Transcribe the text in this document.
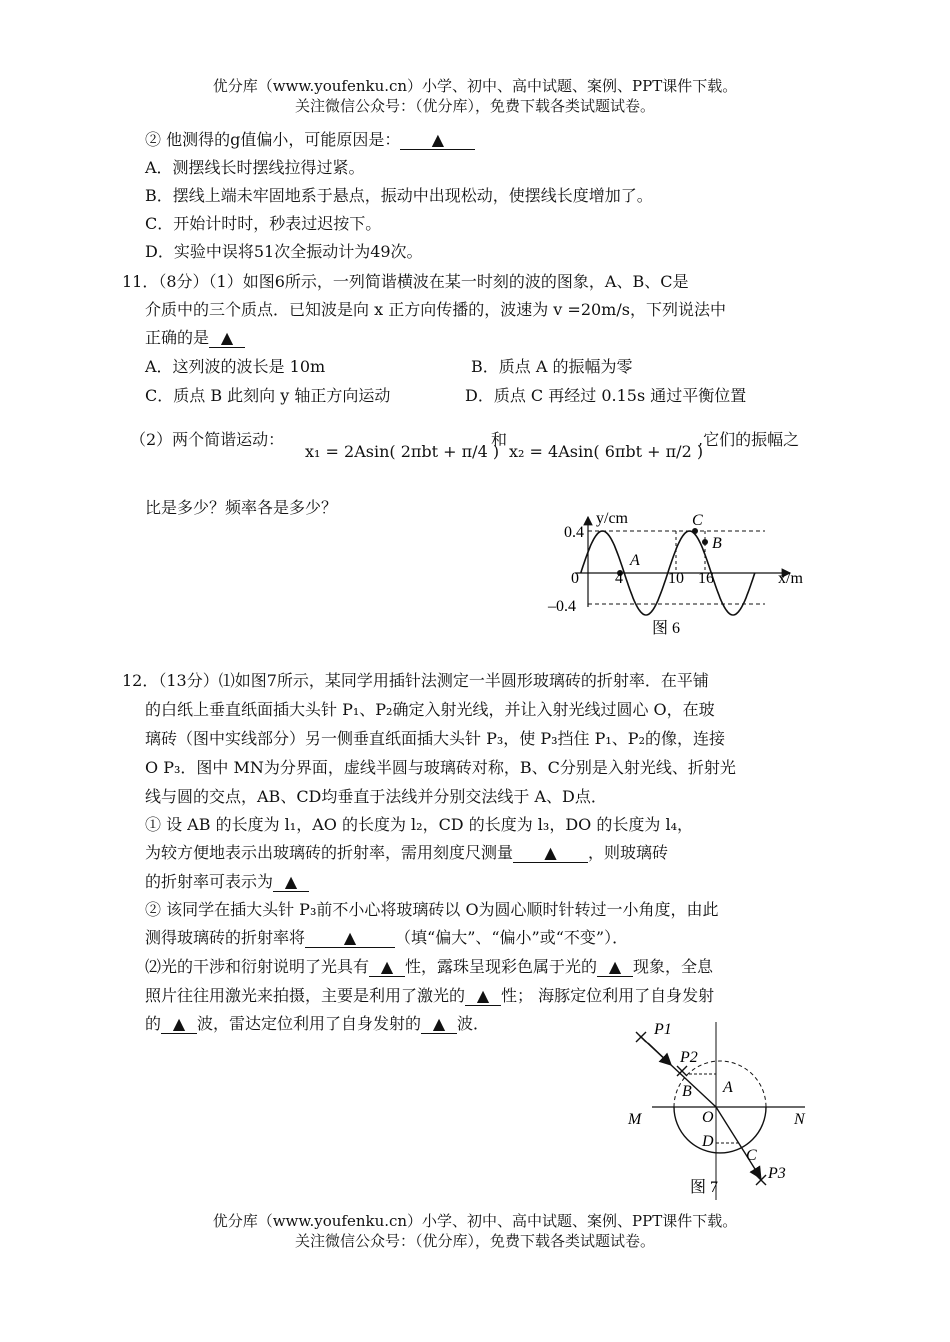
优分库（www.youfenku.cn）小学、初中、高中试题、案例、PPT课件下载。
关注微信公众号：（优分库），免费下载各类试题试卷。
② 他测得的g值偏小，可能原因是： ▲
A．测摆线长时摆线拉得过紧。
B．摆线上端未牢固地系于悬点，振动中出现松动，使摆线长度增加了。
C．开始计时时，秒表过迟按下。
D．实验中误将51次全振动计为49次。
11．（8分）（1）如图6所示，一列简谐横波在某一时刻的波的图象，A、B、C是
介质中的三个质点．已知波是向 x 正方向传播的，波速为 v =20m/s，下列说法中
正确的是 ▲
A．这列波的波长是 10m	B．质点 A 的振幅为零
C．质点 B 此刻向 y 轴正方向运动	D．质点 C 再经过 0.15s 通过平衡位置
（2）两个简谐运动：
x₁ = 2Asin( 2πbt + π/4 )
和
x₂ = 4Asin( 6πbt + π/2 )
,它们的振幅之
比是多少？频率各是多少？
y/cm
x/m
0.4
–0.4
0 4	10 16
A
B
C
图 6
12．（13分）⑴如图7所示，某同学用插针法测定一半圆形玻璃砖的折射率．在平铺
的白纸上垂直纸面插大头针 P₁、P₂确定入射光线，并让入射光线过圆心 O，在玻
璃砖（图中实线部分）另一侧垂直纸面插大头针 P₃，使 P₃挡住 P₁、P₂的像，连接
O P₃．图中 MN为分界面，虚线半圆与玻璃砖对称，B、C分别是入射光线、折射光
线与圆的交点，AB、CD均垂直于法线并分别交法线于 A、D点．
① 设 AB 的长度为 l₁，AO 的长度为 l₂，CD 的长度为 l₃，DO 的长度为 l₄，
为较方便地表示出玻璃砖的折射率，需用刻度尺测量 ▲ ，则玻璃砖
的折射率可表示为 ▲
② 该同学在插大头针 P₃前不小心将玻璃砖以 O为圆心顺时针转过一小角度，由此
测得玻璃砖的折射率将 ▲ （填“偏大”、“偏小”或“不变”）．
⑵光的干涉和衍射说明了光具有 ▲ 性，露珠呈现彩色属于光的 ▲ 现象，全息
照片往往用激光来拍摄，主要是利用了激光的 ▲ 性； 海豚定位利用了自身发射
的 ▲ 波，雷达定位利用了自身发射的 ▲ 波．	P1
P2
B A
M	O	N
D
C
P3
图 7
优分库（www.youfenku.cn）小学、初中、高中试题、案例、PPT课件下载。
关注微信公众号：（优分库），免费下载各类试题试卷。
